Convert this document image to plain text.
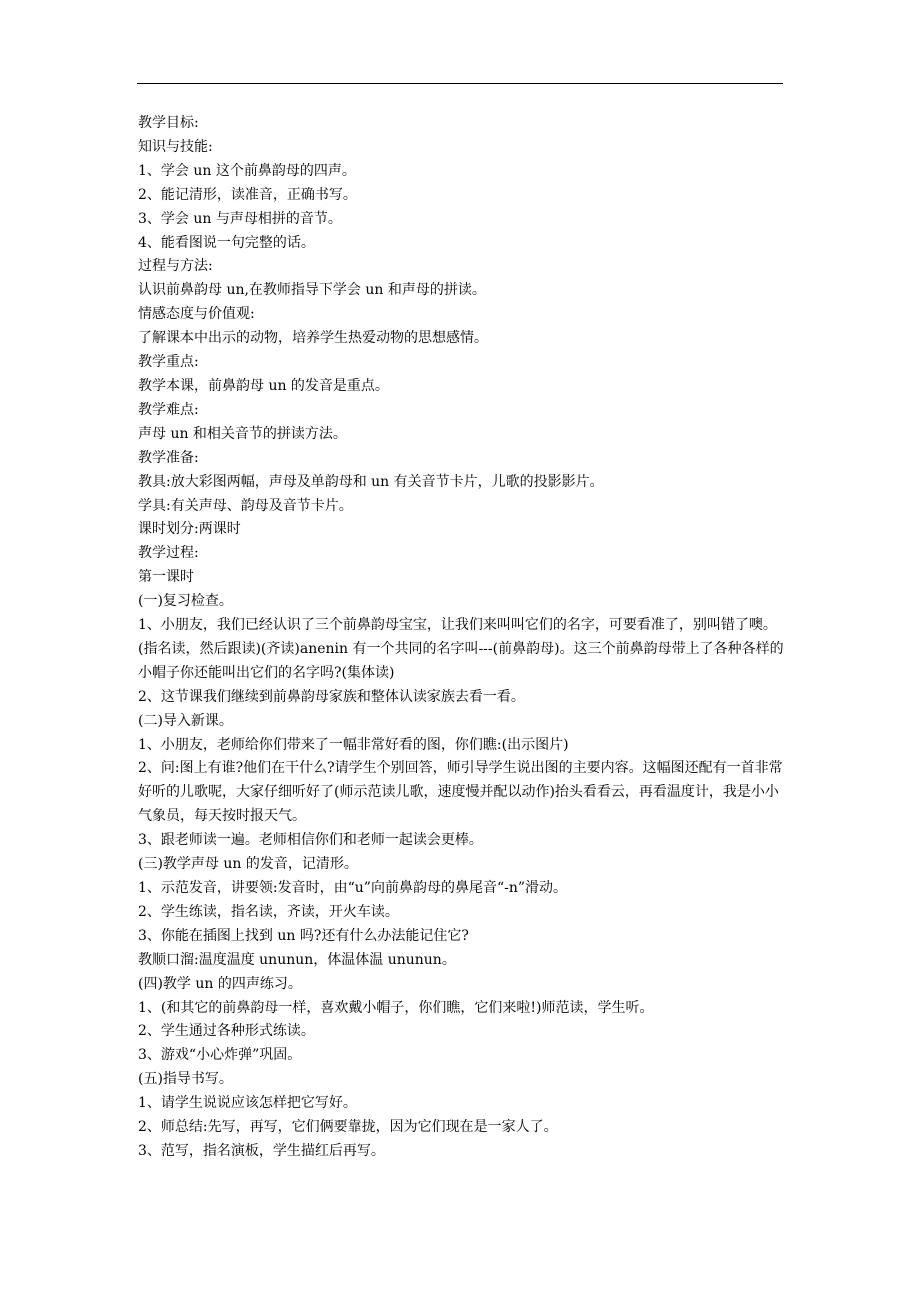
教学目标:

知识与技能:

1、学会 un 这个前鼻韵母的四声。

2、能记清形，读准音，正确书写。

3、学会 un 与声母相拼的音节。

4、能看图说一句完整的话。

过程与方法:

认识前鼻韵母 un,在教师指导下学会 un 和声母的拼读。

情感态度与价值观:

了解课本中出示的动物，培养学生热爱动物的思想感情。

教学重点:

教学本课，前鼻韵母 un 的发音是重点。

教学难点:

声母 un 和相关音节的拼读方法。

教学准备:

教具:放大彩图两幅，声母及单韵母和 un 有关音节卡片，儿歌的投影影片。

学具:有关声母、韵母及音节卡片。

课时划分:两课时

教学过程:

第一课时

(一)复习检查。

1、小朋友，我们已经认识了三个前鼻韵母宝宝，让我们来叫叫它们的名字，可要看准了，别叫错了噢。(指名读，然后跟读)(齐读)anenin 有一个共同的名字叫---(前鼻韵母)。这三个前鼻韵母带上了各种各样的小帽子你还能叫出它们的名字吗?(集体读)

2、这节课我们继续到前鼻韵母家族和整体认读家族去看一看。

(二)导入新课。

1、小朋友，老师给你们带来了一幅非常好看的图，你们瞧:(出示图片)

2、问:图上有谁?他们在干什么?请学生个别回答，师引导学生说出图的主要内容。这幅图还配有一首非常好听的儿歌呢，大家仔细听好了(师示范读儿歌，速度慢并配以动作)抬头看看云，再看温度计，我是小小气象员，每天按时报天气。

3、跟老师读一遍。老师相信你们和老师一起读会更棒。

(三)教学声母 un 的发音，记清形。

1、示范发音，讲要领:发音时，由“u”向前鼻韵母的鼻尾音“-n”滑动。

2、学生练读，指名读，齐读，开火车读。

3、你能在插图上找到 un 吗?还有什么办法能记住它?

教顺口溜:温度温度 ununun，体温体温 ununun。

(四)教学 un 的四声练习。

1、(和其它的前鼻韵母一样，喜欢戴小帽子，你们瞧，它们来啦!)师范读，学生听。

2、学生通过各种形式练读。

3、游戏“小心炸弹”巩固。

(五)指导书写。

1、请学生说说应该怎样把它写好。

2、师总结:先写，再写，它们俩要靠拢，因为它们现在是一家人了。

3、范写，指名演板，学生描红后再写。
